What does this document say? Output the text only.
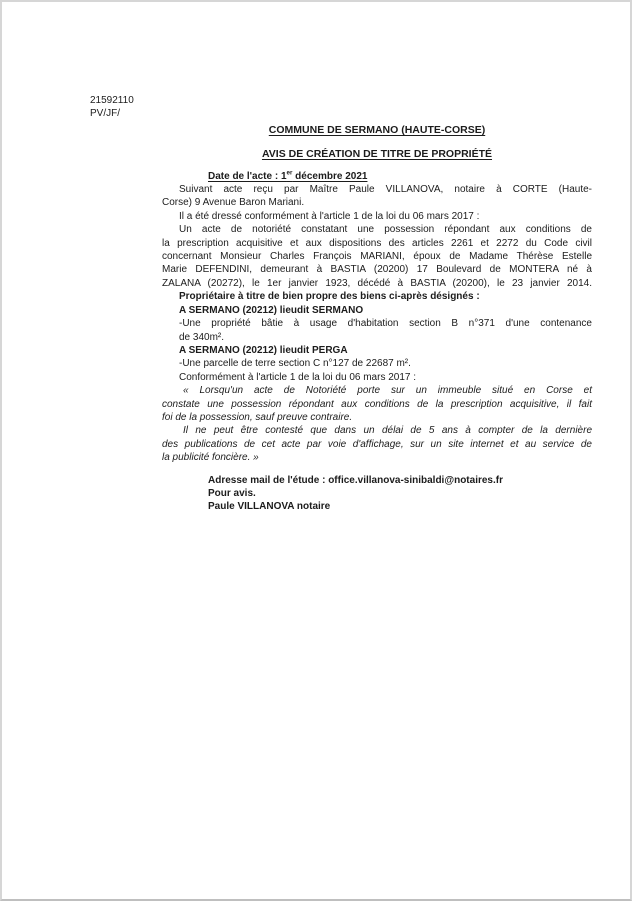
21592110
PV/JF/
COMMUNE DE SERMANO (HAUTE-CORSE)
AVIS DE CRÉATION DE TITRE DE PROPRIÉTÉ
Date de l'acte : 1er décembre 2021
Suivant acte reçu par Maître Paule VILLANOVA, notaire à CORTE (Haute-
Corse) 9 Avenue Baron Mariani.
Il a été dressé conformément à l'article 1 de la loi du 06 mars 2017 :
Un acte de notoriété constatant une possession répondant aux conditions de
la prescription acquisitive et aux dispositions des articles 2261 et 2272 du Code civil
concernant Monsieur Charles François MARIANI, époux de Madame Thérèse Estelle
Marie DEFENDINI, demeurant à BASTIA (20200) 17 Boulevard de MONTERA né à
ZALANA (20272), le 1er janvier 1923, décédé à BASTIA (20200), le 23 janvier 2014.
Propriétaire à titre de bien propre des biens ci-après désignés :
A SERMANO (20212) lieudit SERMANO
-Une propriété bâtie à usage d'habitation section B n°371 d'une contenance
de 340m².
A SERMANO (20212) lieudit PERGA
-Une parcelle de terre section C n°127 de 22687 m².
Conformément à l'article 1 de la loi du 06 mars 2017 :
« Lorsqu'un acte de Notoriété porte sur un immeuble situé en Corse et
constate une possession répondant aux conditions de la prescription acquisitive, il fait
foi de la possession, sauf preuve contraire.
Il ne peut être contesté que dans un délai de 5 ans à compter de la dernière
des publications de cet acte par voie d'affichage, sur un site internet et au service de
la publicité foncière. »
Adresse mail de l'étude : office.villanova-sinibaldi@notaires.fr
Pour avis.
Paule VILLANOVA notaire
